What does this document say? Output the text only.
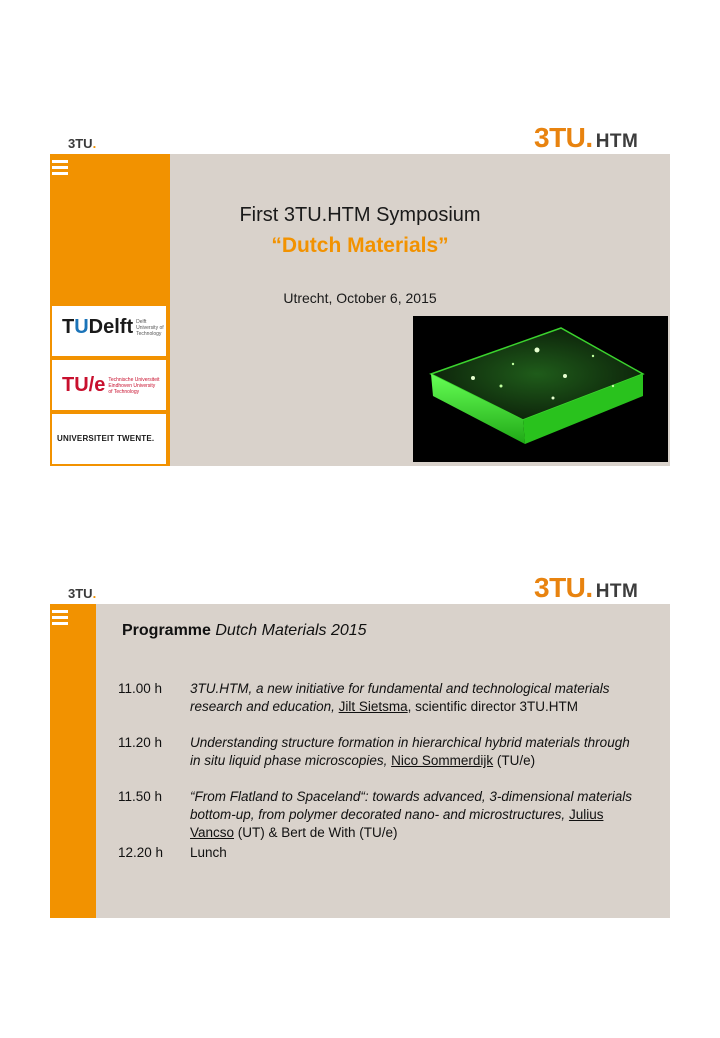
3TU.	3TU. HTM
First 3TU.HTM Symposium
“Dutch Materials”
Utrecht, October 6, 2015
TUDelft Delft University of Technology
TU/e Technische Universiteit Eindhoven University of Technology
UNIVERSITEIT TWENTE.
3TU.	3TU. HTM
Programme Dutch Materials 2015
11.00 h	3TU.HTM, a new initiative for fundamental and technological materials research and education, Jilt Sietsma, scientific director 3TU.HTM
11.20 h	Understanding structure formation in hierarchical hybrid materials through in situ liquid phase microscopies, Nico Sommerdijk (TU/e)
11.50 h	“From Flatland to Spaceland“: towards advanced, 3-dimensional materials bottom-up, from polymer decorated nano- and microstructures, Julius Vancso (UT) & Bert de With (TU/e)
12.20 h	Lunch
